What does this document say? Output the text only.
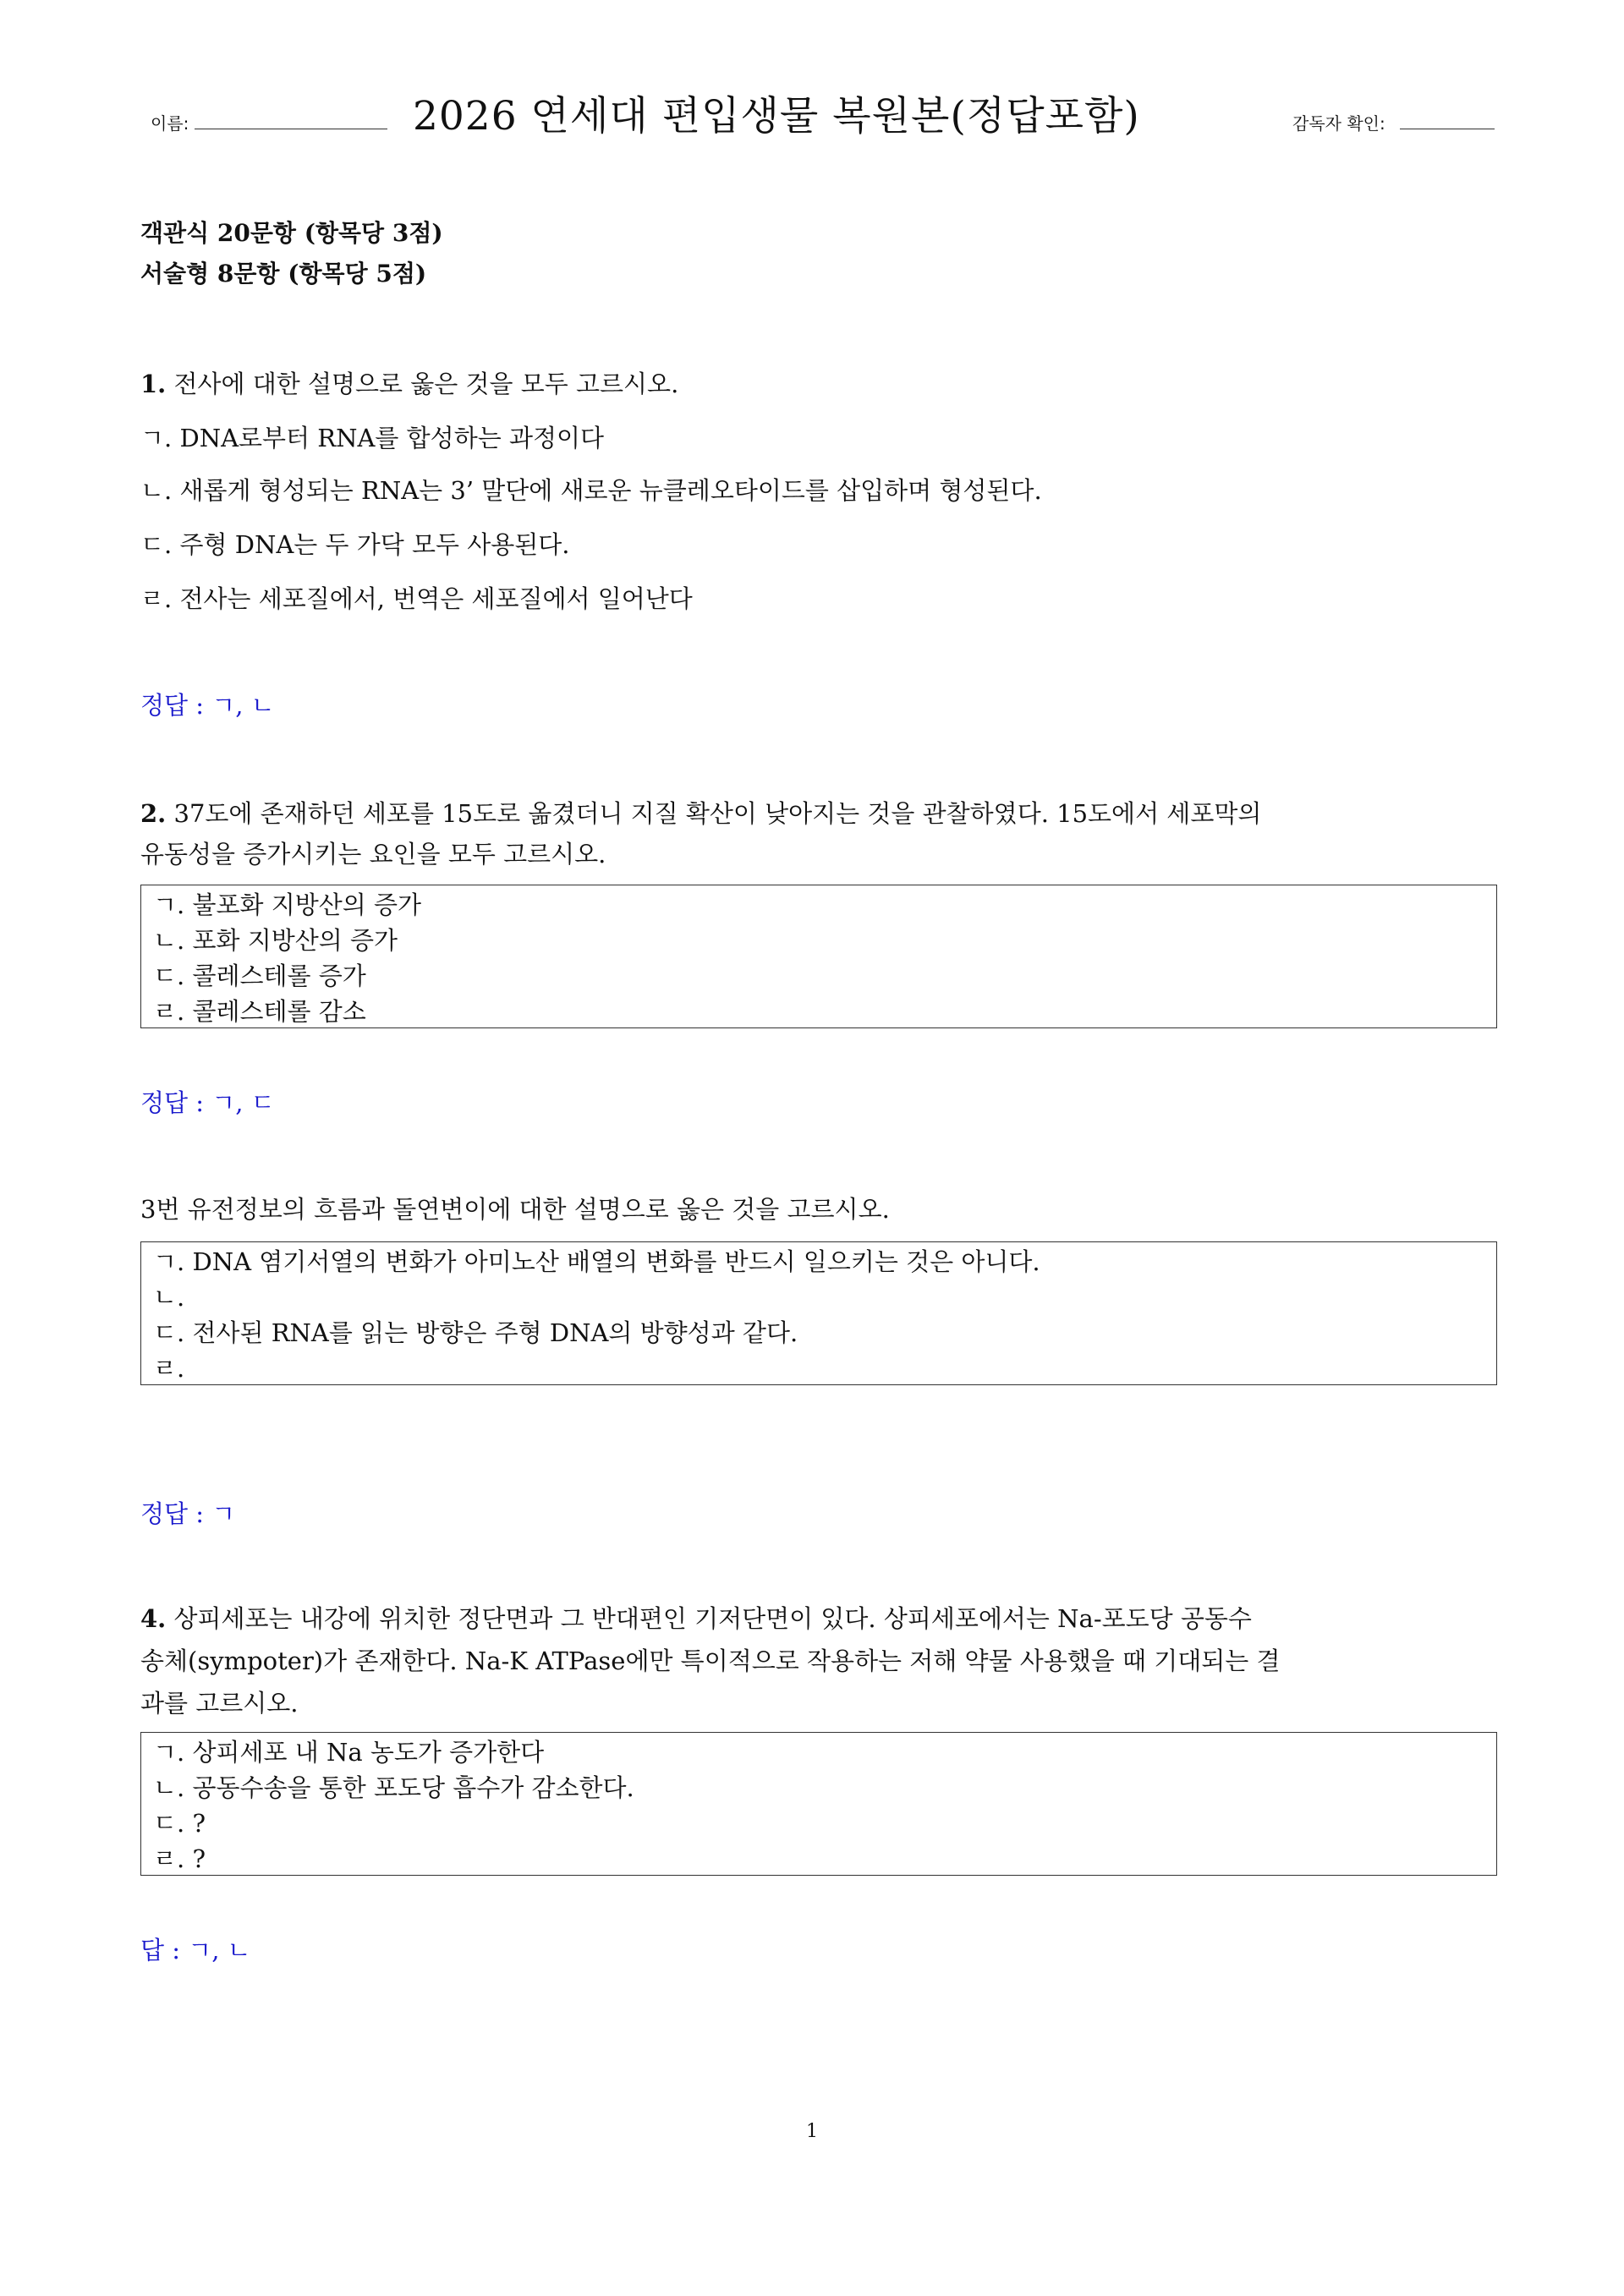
이름:	2026 연세대 편입생물 복원본(정답포함)	감독자 확인:
객관식 20문항 (항목당 3점)
서술형 8문항 (항목당 5점)
1. 전사에 대한 설명으로 옳은 것을 모두 고르시오.
ㄱ. DNA로부터 RNA를 합성하는 과정이다
ㄴ. 새롭게 형성되는 RNA는 3’ 말단에 새로운 뉴클레오타이드를 삽입하며 형성된다.
ㄷ. 주형 DNA는 두 가닥 모두 사용된다.
ㄹ. 전사는 세포질에서, 번역은 세포질에서 일어난다
정답 : ㄱ, ㄴ
2. 37도에 존재하던 세포를 15도로 옮겼더니 지질 확산이 낮아지는 것을 관찰하였다. 15도에서 세포막의
유동성을 증가시키는 요인을 모두 고르시오.
ㄱ. 불포화 지방산의 증가
ㄴ. 포화 지방산의 증가
ㄷ. 콜레스테롤 증가
ㄹ. 콜레스테롤 감소
정답 : ㄱ, ㄷ
3번 유전정보의 흐름과 돌연변이에 대한 설명으로 옳은 것을 고르시오.
ㄱ. DNA 염기서열의 변화가 아미노산 배열의 변화를 반드시 일으키는 것은 아니다.
ㄴ.
ㄷ. 전사된 RNA를 읽는 방향은 주형 DNA의 방향성과 같다.
ㄹ.
정답 : ㄱ
4. 상피세포는 내강에 위치한 정단면과 그 반대편인 기저단면이 있다. 상피세포에서는 Na-포도당 공동수
송체(sympoter)가 존재한다. Na-K ATPase에만 특이적으로 작용하는 저해 약물 사용했을 때 기대되는 결
과를 고르시오.
ㄱ. 상피세포 내 Na 농도가 증가한다
ㄴ. 공동수송을 통한 포도당 흡수가 감소한다.
ㄷ. ?
ㄹ. ?
답 : ㄱ, ㄴ
1
